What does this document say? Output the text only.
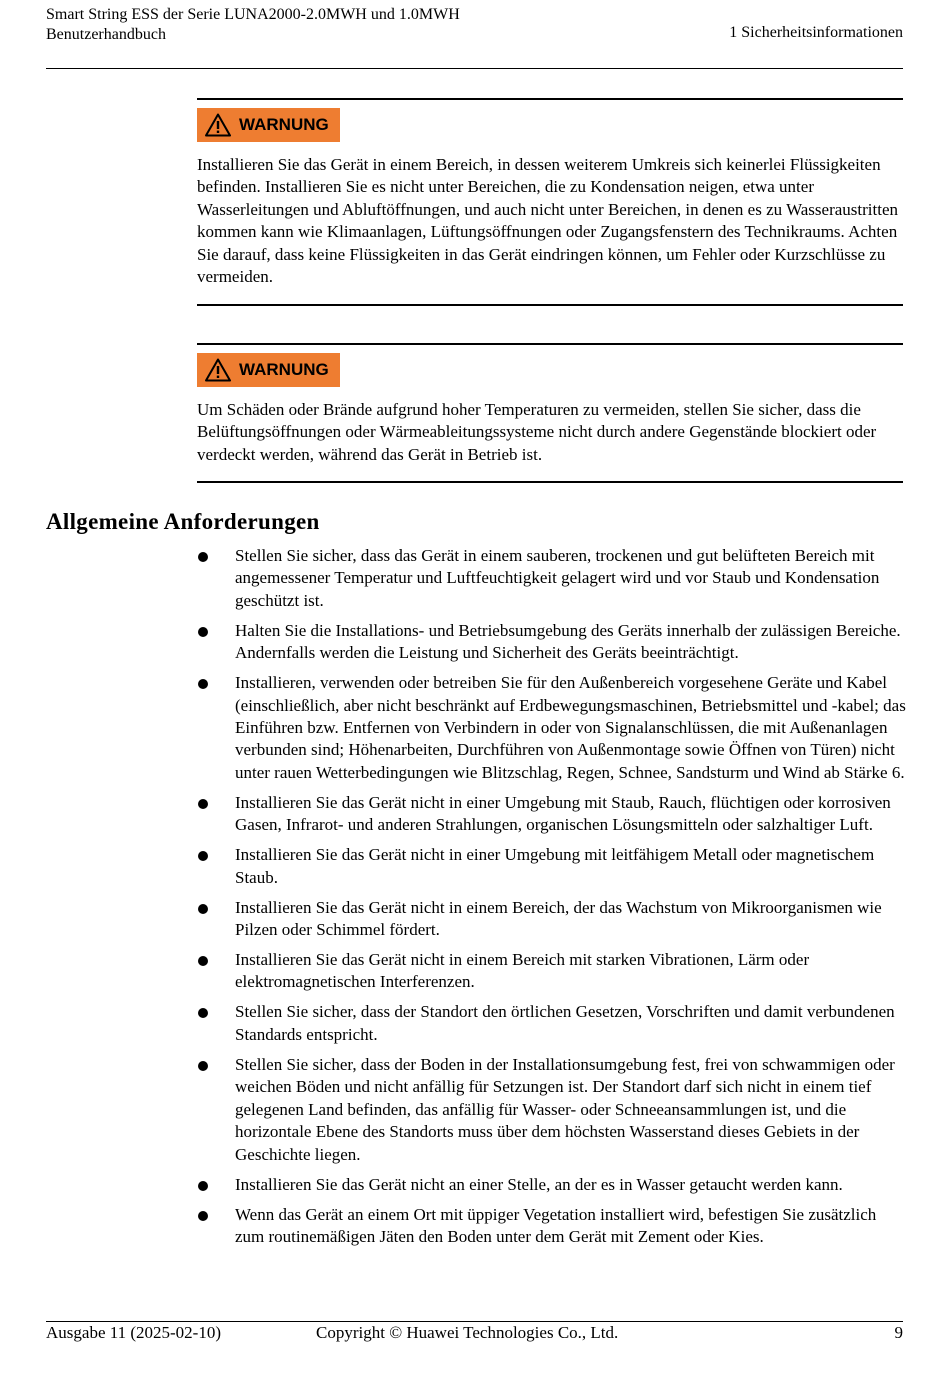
Smart String ESS der Serie LUNA2000-2.0MWH und 1.0MWH
Benutzerhandbuch	1 Sicherheitsinformationen
WARNUNG
Installieren Sie das Gerät in einem Bereich, in dessen weiterem Umkreis sich keinerlei Flüssigkeiten befinden. Installieren Sie es nicht unter Bereichen, die zu Kondensation neigen, etwa unter Wasserleitungen und Abluftöffnungen, und auch nicht unter Bereichen, in denen es zu Wasseraustritten kommen kann wie Klimaanlagen, Lüftungsöffnungen oder Zugangsfenstern des Technikraums. Achten Sie darauf, dass keine Flüssigkeiten in das Gerät eindringen können, um Fehler oder Kurzschlüsse zu vermeiden.
WARNUNG
Um Schäden oder Brände aufgrund hoher Temperaturen zu vermeiden, stellen Sie sicher, dass die Belüftungsöffnungen oder Wärmeableitungssysteme nicht durch andere Gegenstände blockiert oder verdeckt werden, während das Gerät in Betrieb ist.
Allgemeine Anforderungen
Stellen Sie sicher, dass das Gerät in einem sauberen, trockenen und gut belüfteten Bereich mit angemessener Temperatur und Luftfeuchtigkeit gelagert wird und vor Staub und Kondensation geschützt ist.
Halten Sie die Installations- und Betriebsumgebung des Geräts innerhalb der zulässigen Bereiche. Andernfalls werden die Leistung und Sicherheit des Geräts beeinträchtigt.
Installieren, verwenden oder betreiben Sie für den Außenbereich vorgesehene Geräte und Kabel (einschließlich, aber nicht beschränkt auf Erdbewegungsmaschinen, Betriebsmittel und -kabel; das Einführen bzw. Entfernen von Verbindern in oder von Signalanschlüssen, die mit Außenanlagen verbunden sind; Höhenarbeiten, Durchführen von Außenmontage sowie Öffnen von Türen) nicht unter rauen Wetterbedingungen wie Blitzschlag, Regen, Schnee, Sandsturm und Wind ab Stärke 6.
Installieren Sie das Gerät nicht in einer Umgebung mit Staub, Rauch, flüchtigen oder korrosiven Gasen, Infrarot- und anderen Strahlungen, organischen Lösungsmitteln oder salzhaltiger Luft.
Installieren Sie das Gerät nicht in einer Umgebung mit leitfähigem Metall oder magnetischem Staub.
Installieren Sie das Gerät nicht in einem Bereich, der das Wachstum von Mikroorganismen wie Pilzen oder Schimmel fördert.
Installieren Sie das Gerät nicht in einem Bereich mit starken Vibrationen, Lärm oder elektromagnetischen Interferenzen.
Stellen Sie sicher, dass der Standort den örtlichen Gesetzen, Vorschriften und damit verbundenen Standards entspricht.
Stellen Sie sicher, dass der Boden in der Installationsumgebung fest, frei von schwammigen oder weichen Böden und nicht anfällig für Setzungen ist. Der Standort darf sich nicht in einem tief gelegenen Land befinden, das anfällig für Wasser- oder Schneeansammlungen ist, und die horizontale Ebene des Standorts muss über dem höchsten Wasserstand dieses Gebiets in der Geschichte liegen.
Installieren Sie das Gerät nicht an einer Stelle, an der es in Wasser getaucht werden kann.
Wenn das Gerät an einem Ort mit üppiger Vegetation installiert wird, befestigen Sie zusätzlich zum routinemäßigen Jäten den Boden unter dem Gerät mit Zement oder Kies.
Ausgabe 11 (2025-02-10)	Copyright © Huawei Technologies Co., Ltd.	9
